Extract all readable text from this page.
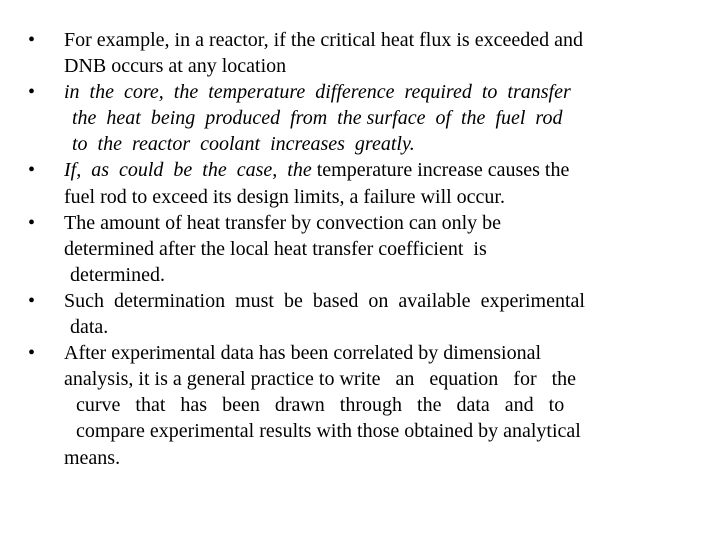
•	For example, in a reactor, if the critical heat flux is exceeded and
DNB occurs at any location
•	in  the  core,  the  temperature  difference  required  to  transfer
the  heat  being  produced  from  the surface  of  the  fuel  rod
to  the  reactor  coolant  increases  greatly.
•	If,  as  could  be  the  case,  the temperature increase causes the
fuel rod to exceed its design limits, a failure will occur.
•	The amount of heat transfer by convection can only be
determined after the local heat transfer coefficient  is
determined.
•	Such  determination  must  be  based  on  available  experimental
data.
•	After experimental data has been correlated by dimensional
analysis, it is a general practice to write   an   equation   for   the
curve   that   has   been   drawn   through   the   data   and   to
compare experimental results with those obtained by analytical
means.
